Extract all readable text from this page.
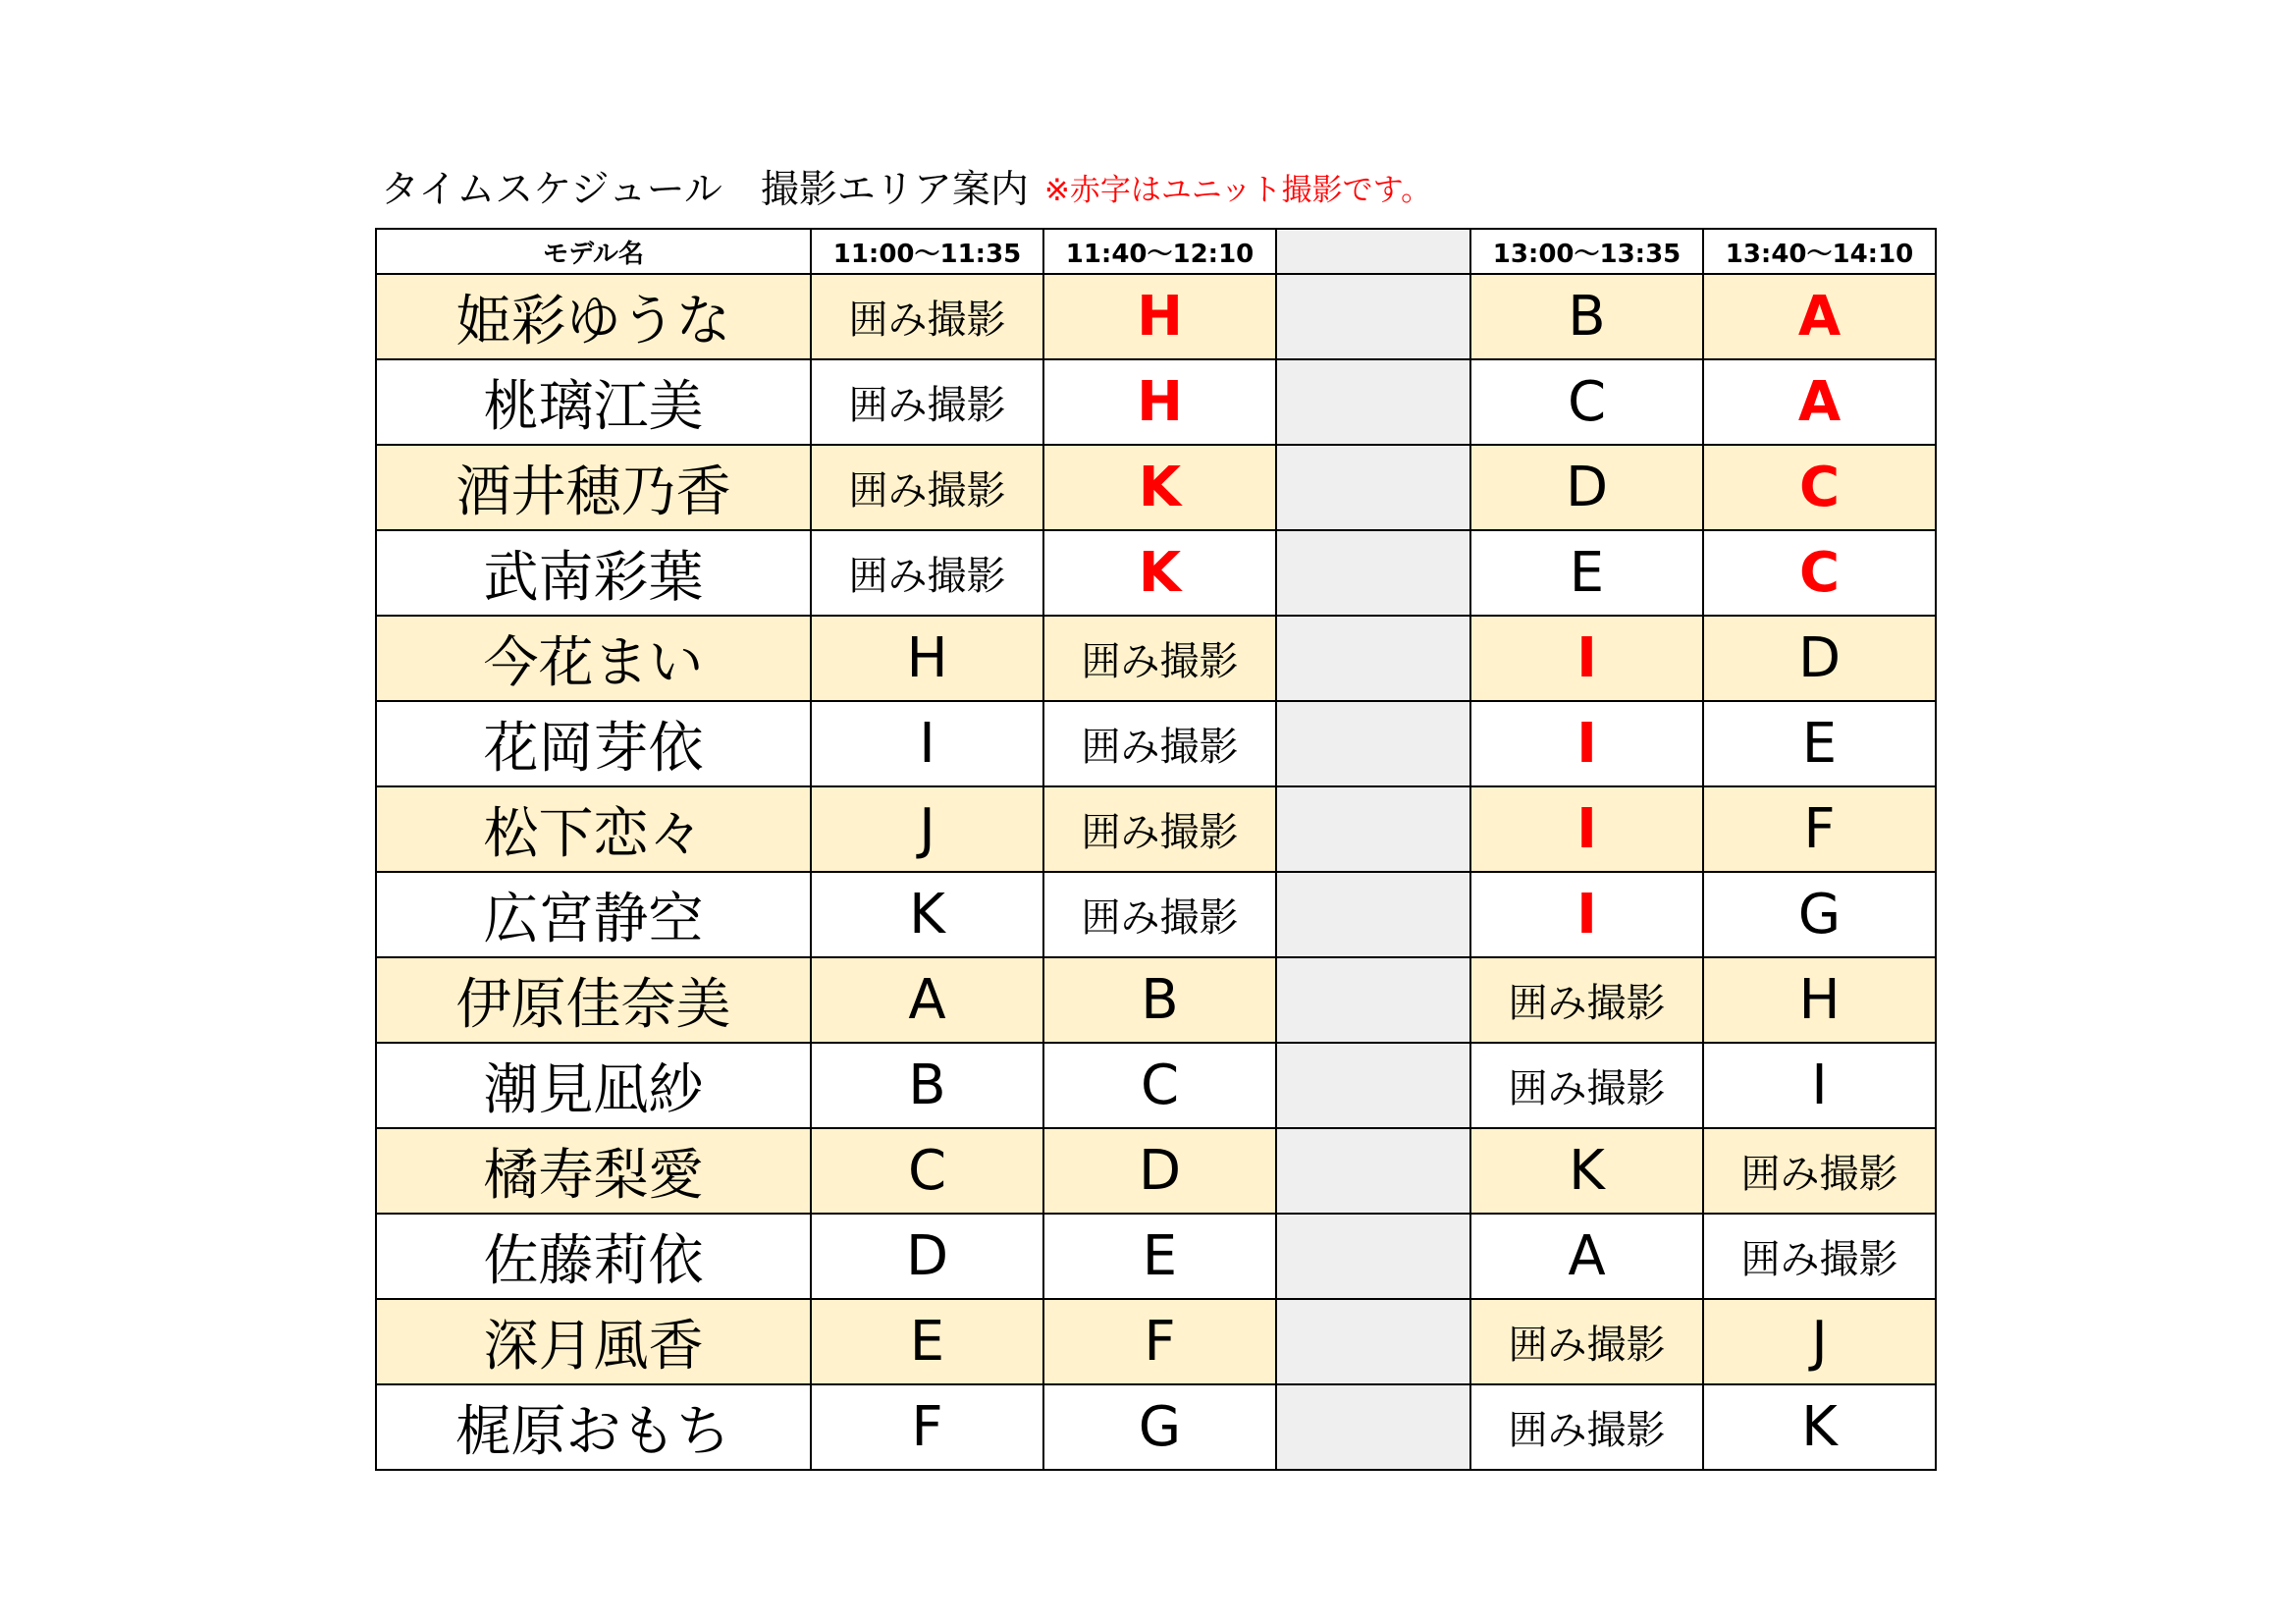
タイムスケジュール　撮影エリア案内 ※赤字はユニット撮影です。
モデル名	11:00〜11:35	11:40〜12:10		13:00〜13:35	13:40〜14:10
姫彩ゆうな	囲み撮影	H		B	A
桃璃江美	囲み撮影	H		C	A
酒井穂乃香	囲み撮影	K		D	C
武南彩葉	囲み撮影	K		E	C
今花まい	H	囲み撮影		I	D
花岡芽依	I	囲み撮影		I	E
松下恋々	J	囲み撮影		I	F
広宮静空	K	囲み撮影		I	G
伊原佳奈美	A	B		囲み撮影	H
潮見凪紗	B	C		囲み撮影	I
橘寿梨愛	C	D		K	囲み撮影
佐藤莉依	D	E		A	囲み撮影
深月風香	E	F		囲み撮影	J
梶原おもち	F	G		囲み撮影	K
